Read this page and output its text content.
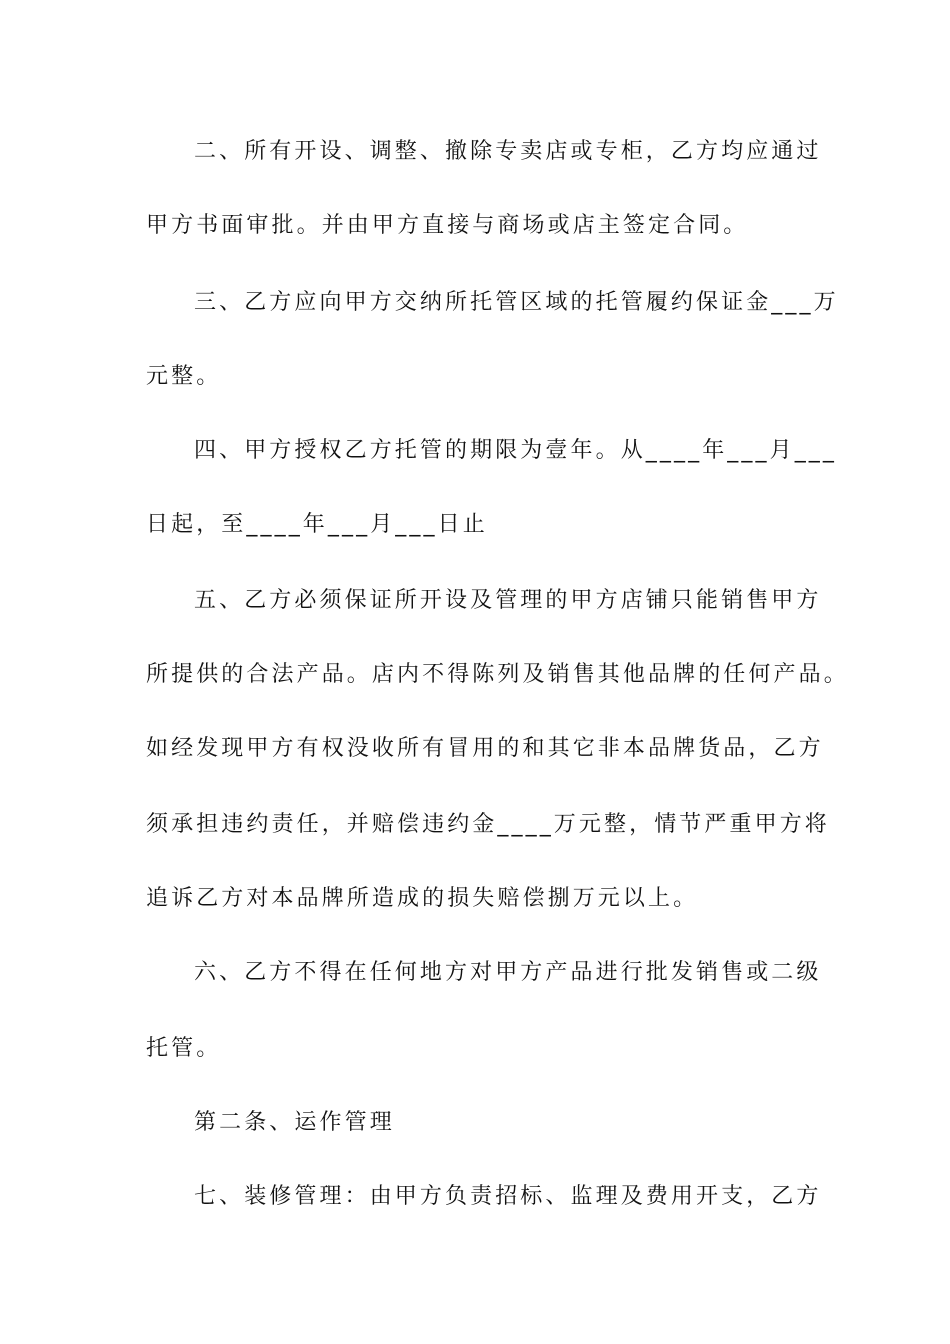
二、所有开设、调整、撤除专卖店或专柜，乙方均应通过
甲方书面审批。并由甲方直接与商场或店主签定合同。
三、乙方应向甲方交纳所托管区域的托管履约保证金___万
元整。
四、甲方授权乙方托管的期限为壹年。从____年___月___
日起，至____年___月___日止
五、乙方必须保证所开设及管理的甲方店铺只能销售甲方
所提供的合法产品。店内不得陈列及销售其他品牌的任何产品。
如经发现甲方有权没收所有冒用的和其它非本品牌货品，乙方
须承担违约责任，并赔偿违约金____万元整，情节严重甲方将
追诉乙方对本品牌所造成的损失赔偿捌万元以上。
六、乙方不得在任何地方对甲方产品进行批发销售或二级
托管。
第二条、运作管理
七、装修管理：由甲方负责招标、监理及费用开支，乙方
